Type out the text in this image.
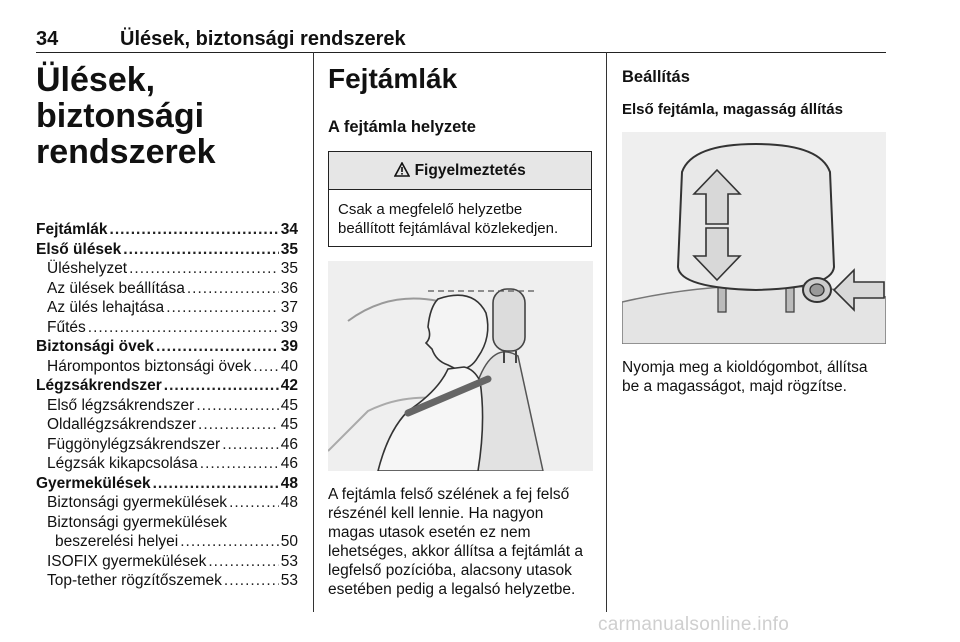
34	Ülések, biztonsági rendszerek
Ülések, biztonsági
rendszerek
Fejtámlák .....	34
Első ülések .....	35
Üléshelyzet .....	35
Az ülések beállítása .....	36
Az ülés lehajtása .....	37
Fűtés .....	39
Biztonsági övek .....	39
Hárompontos biztonsági övek ..... 40
Légzsákrendszer .....	42
Első légzsákrendszer .....	45
Oldallégzsákrendszer .....	45
Függönylégzsákrendszer .....	46
Légzsák kikapcsolása .....	46
Gyermekülések .....	48
Biztonsági gyermekülések .....	48
Biztonsági gyermekülések
beszerelési helyei .....	50
ISOFIX gyermekülések .....	53
Top-tether rögzítőszemek .....	53
Fejtámlák
A fejtámla helyzete
Figyelmeztetés
Csak a megfelelő helyzetbe beállított fejtámlával közlekedjen.
A fejtámla felső szélének a fej felső részénél kell lennie. Ha nagyon magas utasok esetén ez nem lehetséges, akkor állítsa a fejtámlát a legfelső pozícióba, alacsony utasok esetében pedig a legalsó helyzetbe.
Beállítás
Első fejtámla, magasság állítás
Nyomja meg a kioldógombot, állítsa be a magasságot, majd rögzítse.
carmanualsonline.info
